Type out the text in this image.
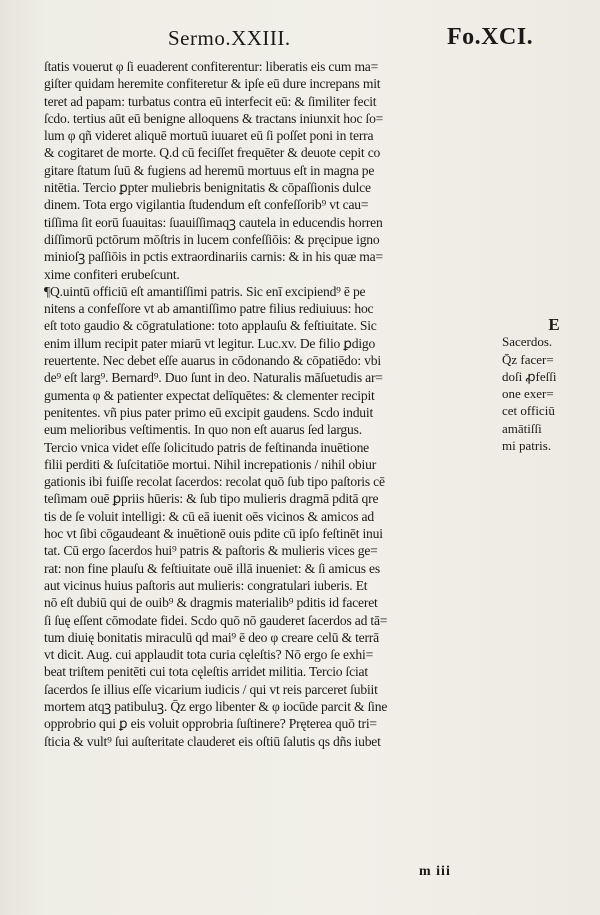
Sermo.XXIII.	Fo.XCI.
ſtatis vouerut φ ſi euaderent confiterentur: liberatis eis cum ma=
giſter quidam heremite confiteretur & ipſe eū dure increpans mit
teret ad papam: turbatus contra eū interfecit eū: & ſimiliter fecit
ſcdo. tertius aūt eū benigne alloquens & tractans iniunxit hoc ſo=
lum φ qñ videret aliquē mortuū iuuaret eū ſi poſſet poni in terra
& cogitaret de morte. Q.d cū feciſſet frequēter & deuote cepit co
gitare ſtatum ſuū & fugiens ad heremū mortuus eſt in magna pe
nitētia. Tercio ꝑpter muliebris benignitatis & cōpaſſionis dulce
dinem. Tota ergo vigilantia ſtudendum eſt confeſſorib⁹ vt cau=
tiſſima ſit eorū ſuauitas: ſuauiſſimaqꝫ cautela in educendis horren
diſſimorū pctōrum mōſtris in lucem confeſſiōis: & pręcipue igno
minioſꝫ paſſiōis in pctis extraordinariis carnis: & in his quæ ma=
xime confiteri erubeſcunt.
¶Q.uintū officiū eſt amantiſſimi patris. Sic enī excipiend⁹ ē pe
nitens a confeſſore vt ab amantiſſimo patre filius rediuiuus: hoc
eſt toto gaudio & cōgratulatione: toto applauſu & feſtiuitate. Sic
enim illum recipit pater miarū vt legitur. Luc.xv. De filio ꝑdigo
reuertente. Nec debet eſſe auarus in cōdonando & cōpatiēdo: vbi
de⁹ eſt larg⁹. Bernard⁹. Duo ſunt in deo. Naturalis māſuetudis ar=
gumenta φ & patienter expectat delīquētes: & clementer recipit
penitentes. vñ pius pater primo eū excipit gaudens. Scdo induit
eum melioribus veſtimentis. In quo non eſt auarus ſed largus.
Tercio vnica videt eſſe ſolicitudo patris de feſtinanda inuētione
filii perditi & ſuſcitatiōe mortui. Nihil increpationis / nihil obiur
gationis ibi fuiſſe recolat ſacerdos: recolat quō ſub tipo paſtoris cē
teſimam ouē ꝑpriis hūeris: & ſub tipo mulieris dragmā pditā qre
tis de ſe voluit intelligi: & cū eā iuenit oēs vicinos & amicos ad
hoc vt ſibi cōgaudeant & inuētionē ouis pdite cū ipſo feſtinēt inui
tat. Cū ergo ſacerdos hui⁹ patris & paſtoris & mulieris vices ge=
rat: non fine plauſu & feſtiuitate ouē illā inueniet: & ſi amicus es
aut vicinus huius paſtoris aut mulieris: congratulari iuberis. Et
nō eſt dubiū qui de ouib⁹ & dragmis materialib⁹ pditis id faceret
ſi ſuę eſſent cōmodate fidei. Scdo quō nō gauderet ſacerdos ad tā=
tum diuię bonitatis miraculū qd mai⁹ ē deo φ creare celū & terrā
vt dicit. Aug. cui applaudit tota curia cęleſtis? Nō ergo ſe exhi=
beat triſtem penitēti cui tota cęleſtis arridet militia. Tercio ſciat
ſacerdos ſe illius eſſe vicarium iudicis / qui vt reis parceret ſubiit
mortem atqꝫ patibuluꝫ. Q̄z ergo libenter & φ iocūde parcit & ſine
opprobrio qui ꝑ eis voluit opprobria ſuſtinere? Pręterea quō tri=
ſticia & vult⁹ ſui auſteritate clauderet eis oſtiū ſalutis qs dñs iubet
E
Sacerdos.
Q̄z facer=
doſi ꝓfeſſi
one exer=
cet officiū
amātiſſi
mi patris.
m iii
